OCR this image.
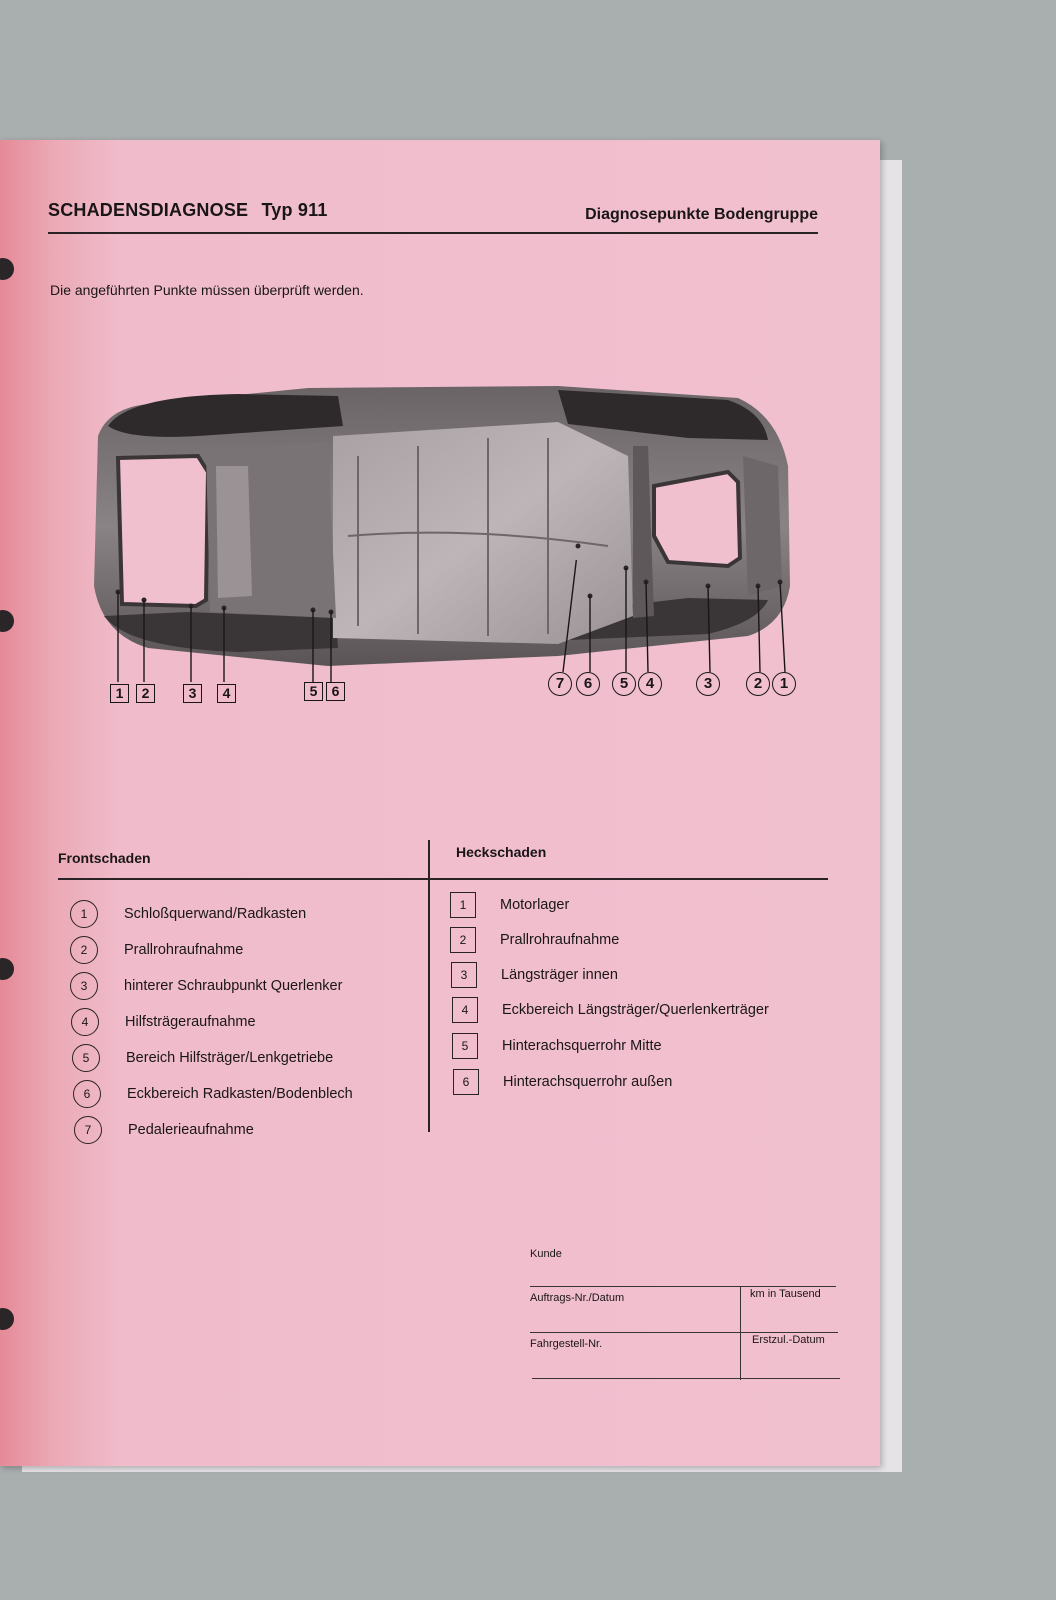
SCHADENSDIAGNOSE Typ 911	Diagnosepunkte Bodengruppe
Die angeführten Punkte müssen überprüft werden.
1	2	3	4	5	6	7	6	5	4	3	2	1
Frontschaden	Heckschaden
1	Schloßquerwand/Radkasten
2	Prallrohraufnahme
3	hinterer Schraubpunkt Querlenker
4	Hilfsträgeraufnahme
5	Bereich Hilfsträger/Lenkgetriebe
6	Eckbereich Radkasten/Bodenblech
7	Pedalerieaufnahme
1	Motorlager
2	Prallrohraufnahme
3	Längsträger innen
4	Eckbereich Längsträger/Querlenkerträger
5	Hinterachsquerrohr Mitte
6	Hinterachsquerrohr außen
Kunde
Auftrags-Nr./Datum	km in Tausend
Fahrgestell-Nr.	Erstzul.-Datum
